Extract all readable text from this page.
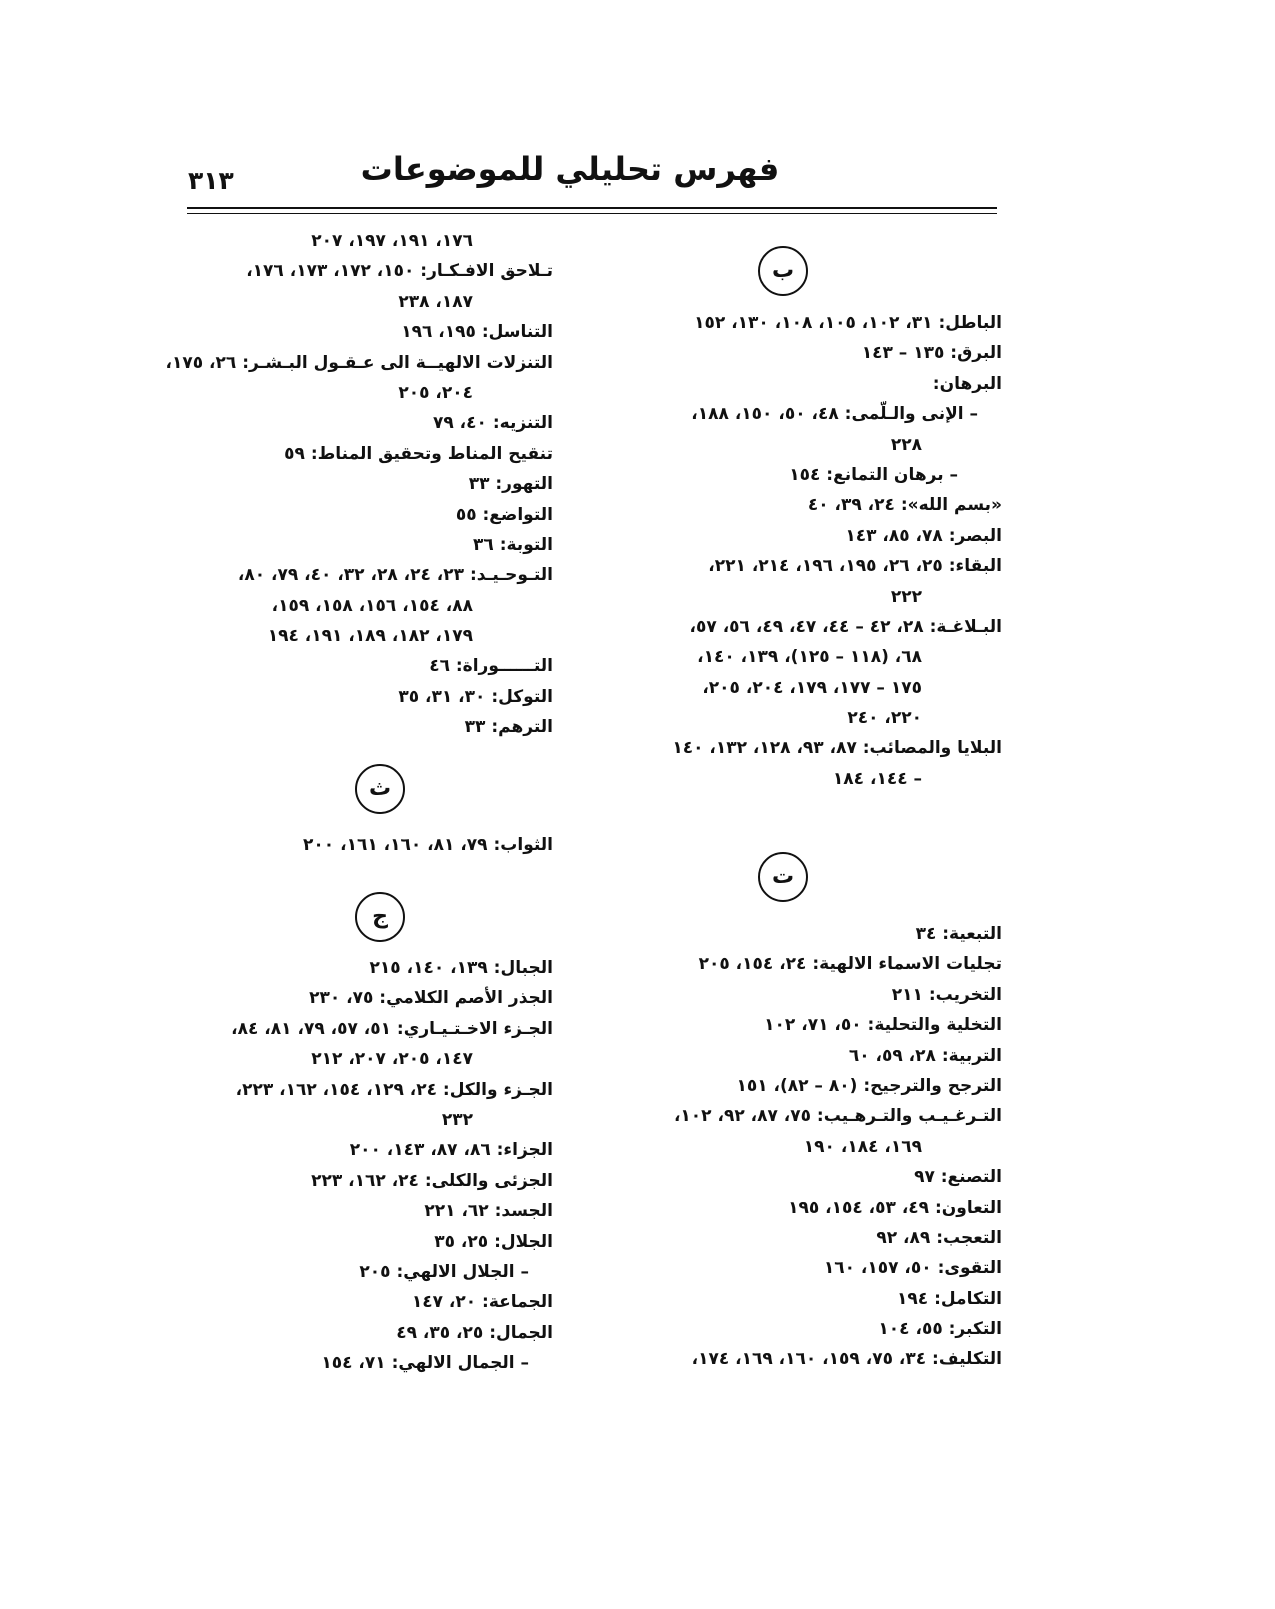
فهرس تحليلي للموضوعات
٣١٣
ب
الباطل: ٣١، ١٠٢، ١٠٥، ١٠٨، ١٣٠، ١٥٢
البرق: ١٣٥ – ١٤٣
البرهان:
– الإنى والـلّمى: ٤٨، ٥٠، ١٥٠، ١٨٨،
٢٢٨
– برهان التمانع: ١٥٤
«بسم الله»: ٢٤، ٣٩، ٤٠
البصر: ٧٨، ٨٥، ١٤٣
البقاء: ٢٥، ٢٦، ١٩٥، ١٩٦، ٢١٤، ٢٢١،
٢٢٢
البـلاغـة: ٢٨، ٤٢ – ٤٤، ٤٧، ٤٩، ٥٦، ٥٧،
٦٨، (١١٨ – ١٢٥)، ١٣٩، ١٤٠،
١٧٥ – ١٧٧، ١٧٩، ٢٠٤، ٢٠٥،
٢٢٠، ٢٤٠
البلايا والمصائب: ٨٧، ٩٣، ١٢٨، ١٣٢، ١٤٠
– ١٤٤، ١٨٤
ت
التبعية: ٣٤
تجليات الاسماء الالهية: ٢٤، ١٥٤، ٢٠٥
التخريب: ٢١١
التخلية والتحلية: ٥٠، ٧١، ١٠٢
التربية: ٢٨، ٥٩، ٦٠
الترجح والترجيح: (٨٠ – ٨٢)، ١٥١
التـرغـيـب والتـرهـيب: ٧٥، ٨٧، ٩٢، ١٠٢،
١٦٩، ١٨٤، ١٩٠
التصنع: ٩٧
التعاون: ٤٩، ٥٣، ١٥٤، ١٩٥
التعجب: ٨٩، ٩٢
التقوى: ٥٠، ١٥٧، ١٦٠
التكامل: ١٩٤
التكبر: ٥٥، ١٠٤
التكليف: ٣٤، ٧٥، ١٥٩، ١٦٠، ١٦٩، ١٧٤،
١٧٦، ١٩١، ١٩٧، ٢٠٧
تـلاحق الافـكـار: ١٥٠، ١٧٢، ١٧٣، ١٧٦،
١٨٧، ٢٣٨
التناسل: ١٩٥، ١٩٦
التنزلات الالهيــة الى عـقـول البـشـر: ٢٦، ١٧٥،
٢٠٤، ٢٠٥
التنزيه: ٤٠، ٧٩
تنقيح المناط وتحقيق المناط: ٥٩
التهور: ٣٣
التواضع: ٥٥
التوبة: ٣٦
التـوحـيـد: ٢٣، ٢٤، ٢٨، ٣٢، ٤٠، ٧٩، ٨٠،
٨٨، ١٥٤، ١٥٦، ١٥٨، ١٥٩،
١٧٩، ١٨٢، ١٨٩، ١٩١، ١٩٤
التــــــوراة: ٤٦
التوكل: ٣٠، ٣١، ٣٥
الترهم: ٣٣
ث
الثواب: ٧٩، ٨١، ١٦٠، ١٦١، ٢٠٠
ج
الجبال: ١٣٩، ١٤٠، ٢١٥
الجذر الأصم الكلامي: ٧٥، ٢٣٠
الجـزء الاخـتـيـاري: ٥١، ٥٧، ٧٩، ٨١، ٨٤،
١٤٧، ٢٠٥، ٢٠٧، ٢١٢
الجـزء والكل: ٢٤، ١٢٩، ١٥٤، ١٦٢، ٢٢٣،
٢٣٢
الجزاء: ٨٦، ٨٧، ١٤٣، ٢٠٠
الجزئى والكلى: ٢٤، ١٦٢، ٢٢٣
الجسد: ٦٢، ٢٢١
الجلال: ٢٥، ٣٥
– الجلال الالهي: ٢٠٥
الجماعة: ٢٠، ١٤٧
الجمال: ٢٥، ٣٥، ٤٩
– الجمال الالهي: ٧١، ١٥٤
